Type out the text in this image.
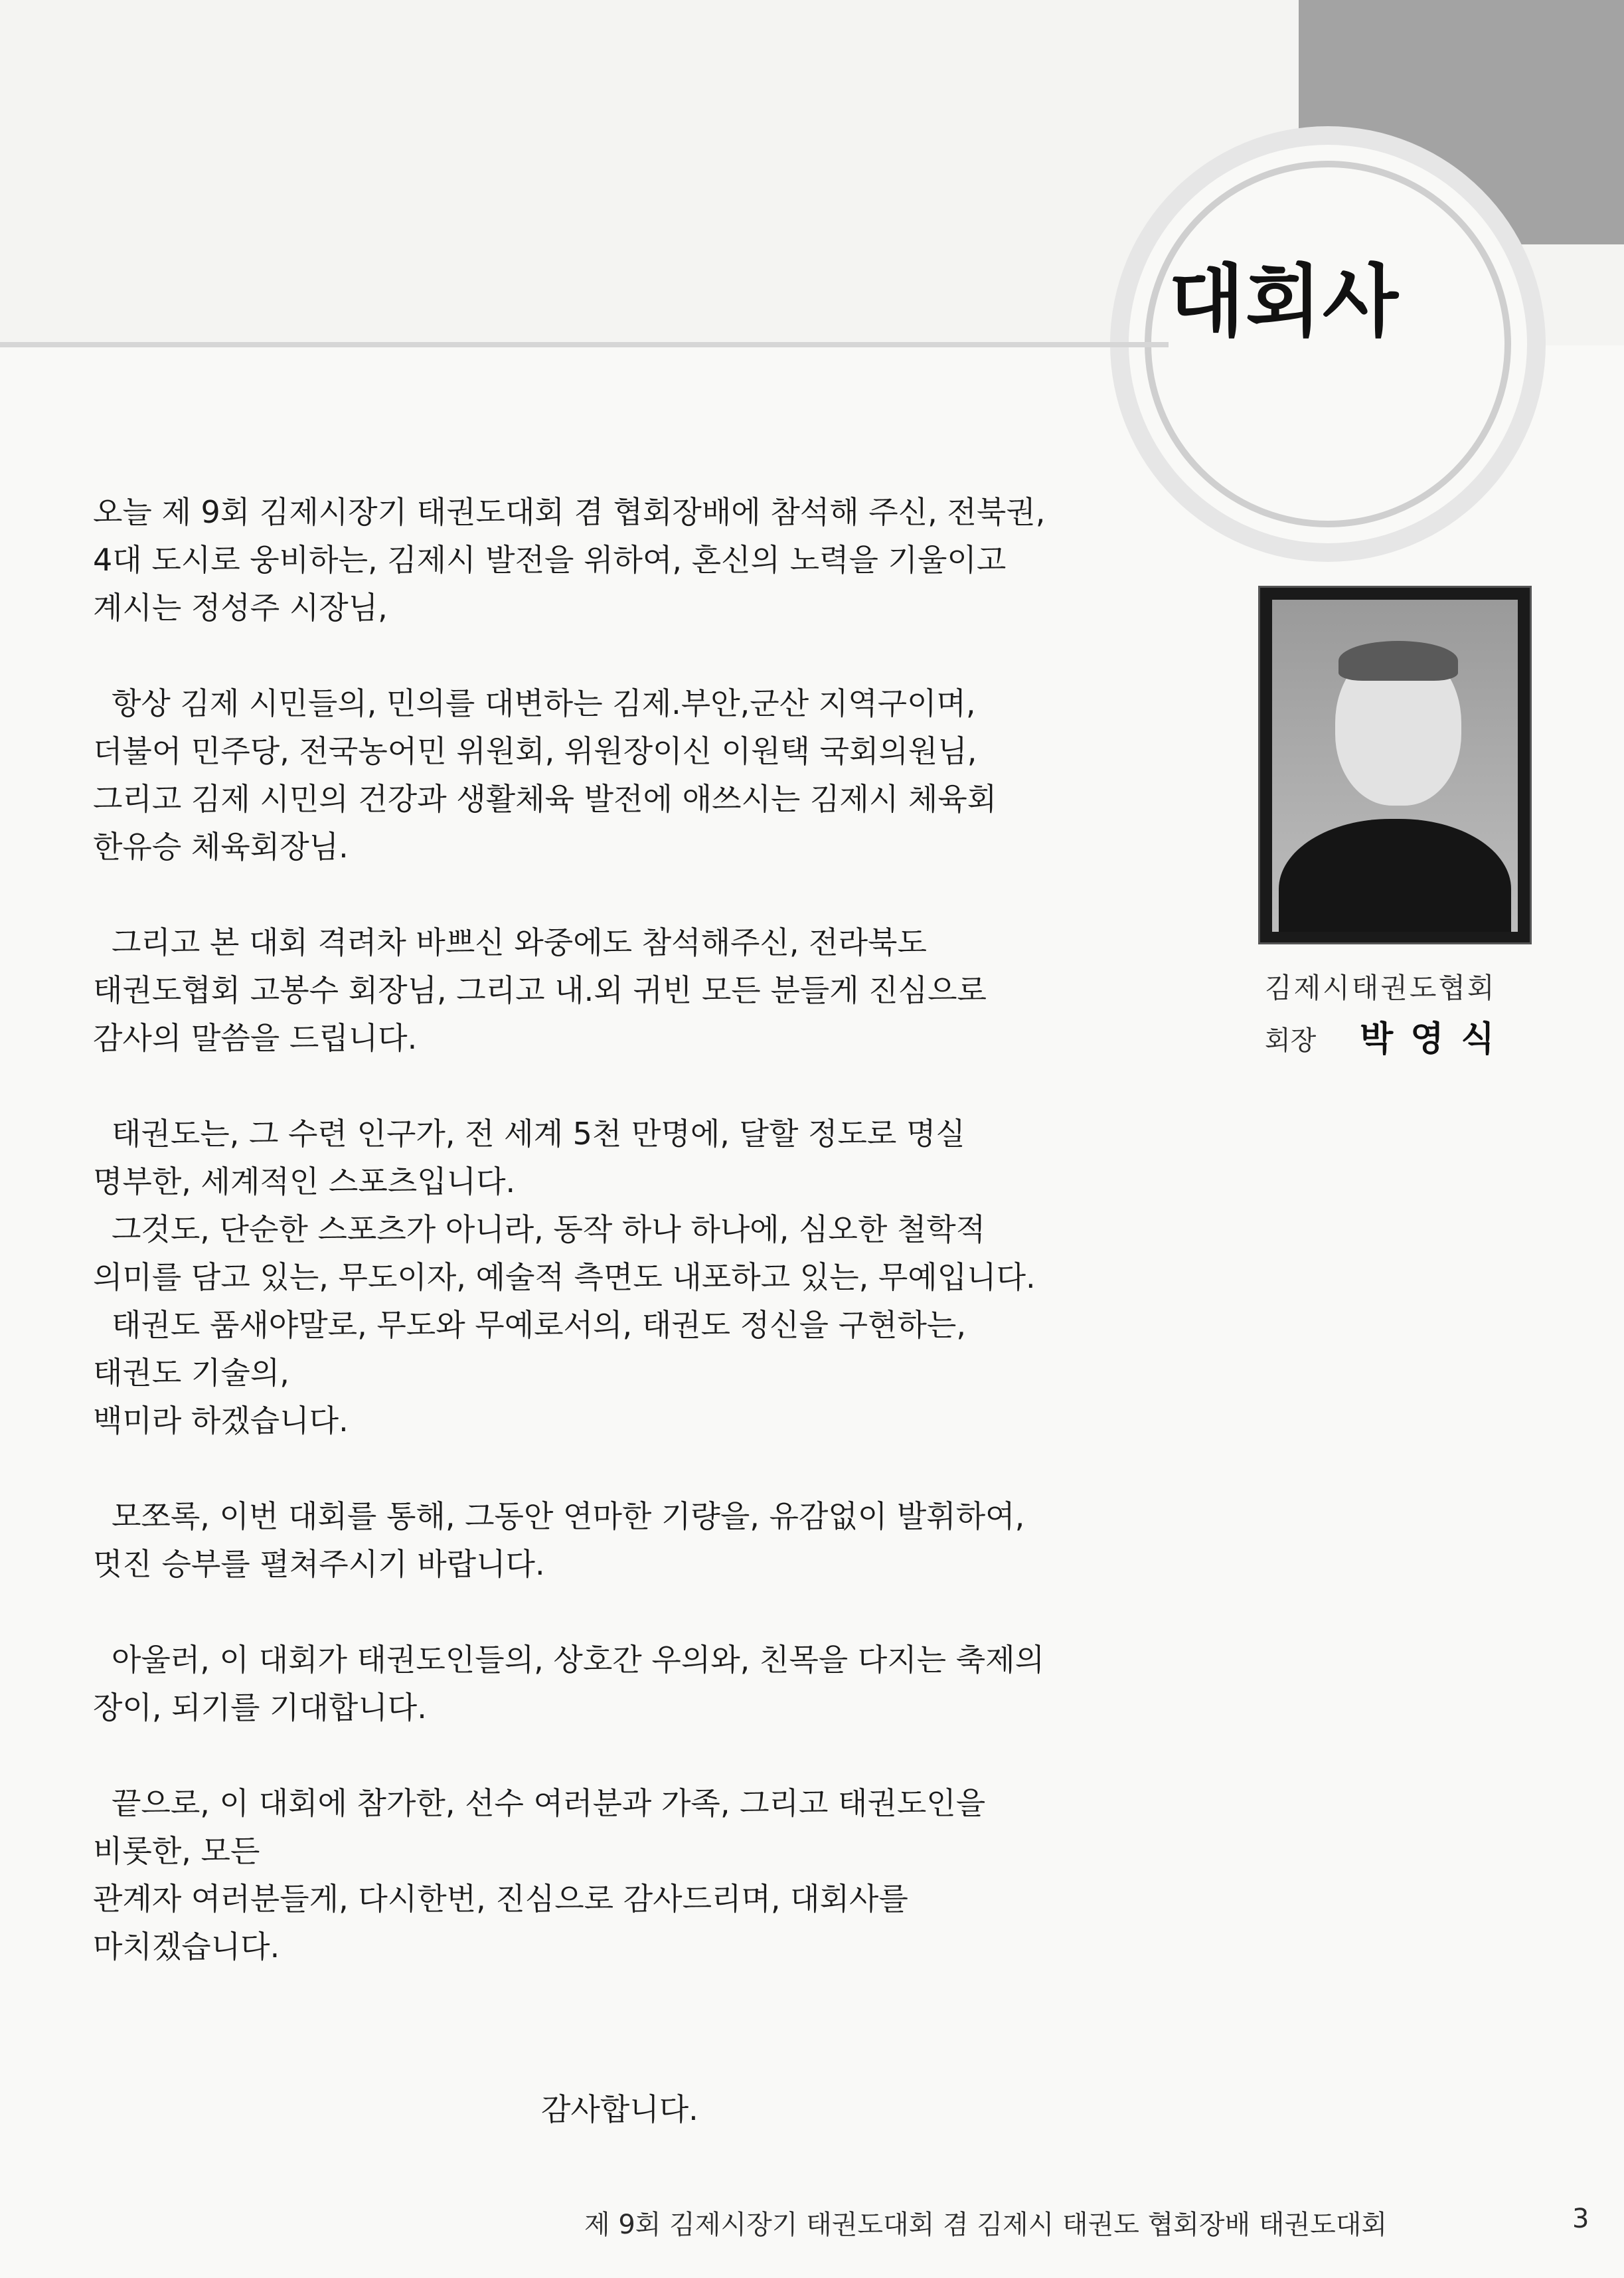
대회사
오늘 제 9회 김제시장기 태권도대회 겸 협회장배에 참석해 주신, 전북권,
4대 도시로 웅비하는, 김제시 발전을 위하여, 혼신의 노력을 기울이고
계시는 정성주 시장님,
항상 김제 시민들의, 민의를 대변하는 김제.부안,군산 지역구이며,
더불어 민주당, 전국농어민 위원회, 위원장이신 이원택 국회의원님,
그리고 김제 시민의 건강과 생활체육 발전에 애쓰시는 김제시 체육회
한유승 체육회장님.
그리고 본 대회 격려차 바쁘신 와중에도 참석해주신, 전라북도
태권도협회 고봉수 회장님, 그리고 내.외 귀빈 모든 분들게 진심으로
감사의 말씀을 드립니다.
태권도는, 그 수련 인구가, 전 세계 5천 만명에, 달할 정도로 명실
명부한, 세계적인 스포츠입니다.
그것도, 단순한 스포츠가 아니라, 동작 하나 하나에, 심오한 철학적
의미를 담고 있는, 무도이자, 예술적 측면도 내포하고 있는, 무예입니다.
태권도 품새야말로, 무도와 무예로서의, 태권도 정신을 구현하는,
태권도 기술의,
백미라 하겠습니다.
모쪼록, 이번 대회를 통해, 그동안 연마한 기량을, 유감없이 발휘하여,
멋진 승부를 펼쳐주시기 바랍니다.
아울러, 이 대회가 태권도인들의, 상호간 우의와, 친목을 다지는 축제의
장이, 되기를 기대합니다.
끝으로, 이 대회에 참가한, 선수 여러분과 가족, 그리고 태권도인을
비롯한, 모든
관계자 여러분들게, 다시한번, 진심으로 감사드리며, 대회사를
마치겠습니다.
감사합니다.
김제시태권도협회
회장 박영식
제 9회 김제시장기 태권도대회 겸 김제시 태권도 협회장배 태권도대회	3
